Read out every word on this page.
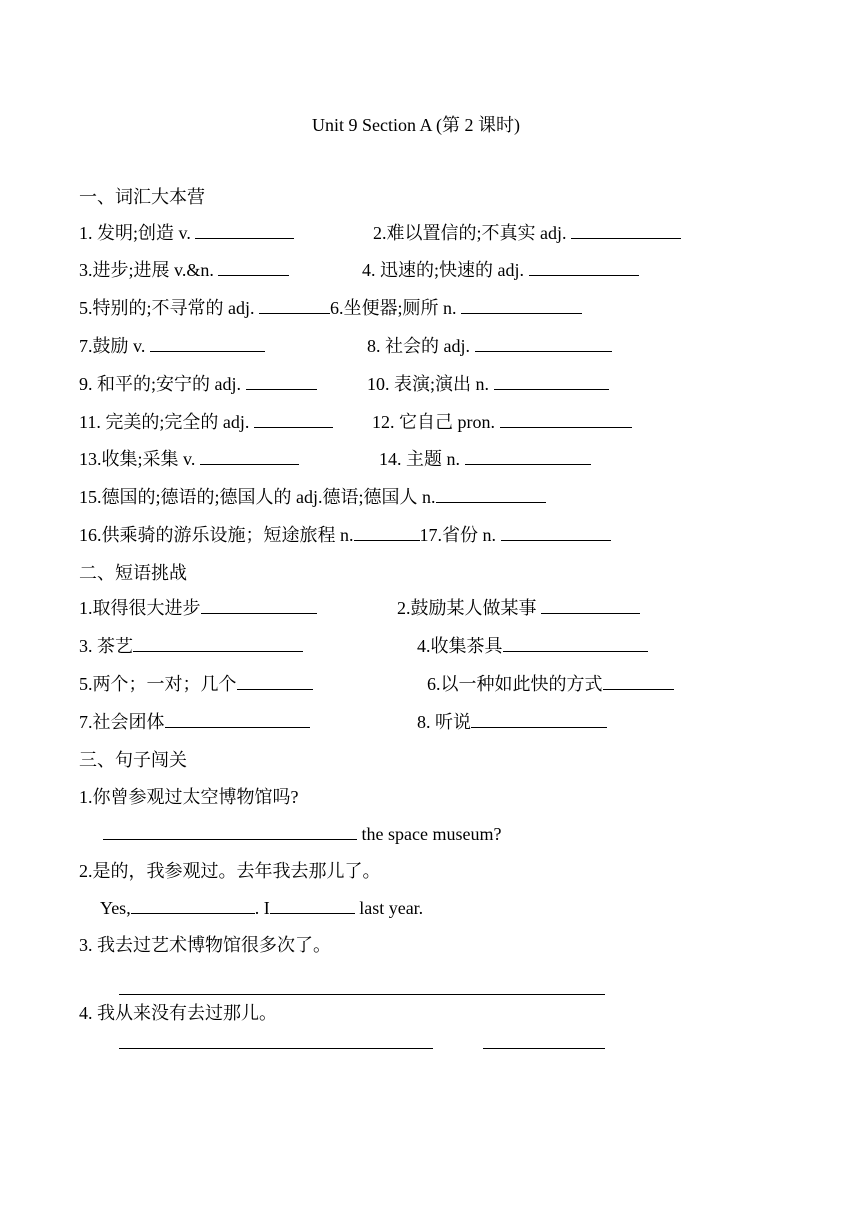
Unit 9 Section A (第 2 课时)
一、词汇大本营
1. 发明;创造 v.	2.难以置信的;不真实 adj.
3.进步;进展 v.&n.	4. 迅速的;快速的 adj.
5.特别的;不寻常的 adj.	6.坐便器;厕所 n.
7.鼓励 v.	8. 社会的 adj.
9. 和平的;安宁的 adj.	10. 表演;演出 n.
11. 完美的;完全的 adj.	12. 它自己 pron.
13.收集;采集 v.	14. 主题 n.
15.德国的;德语的;德国人的 adj.德语;德国人 n.
16.供乘骑的游乐设施；短途旅程 n.	17.省份 n.
二、短语挑战
1.取得很大进步	2.鼓励某人做某事
3. 茶艺	4.收集茶具
5.两个；一对；几个	6.以一种如此快的方式
7.社会团体	8. 听说
三、句子闯关
1.你曾参观过太空博物馆吗?
the space museum?
2.是的，我参观过。去年我去那儿了。
Yes,	. I	last year.
3. 我去过艺术博物馆很多次了。
4. 我从来没有去过那儿。
